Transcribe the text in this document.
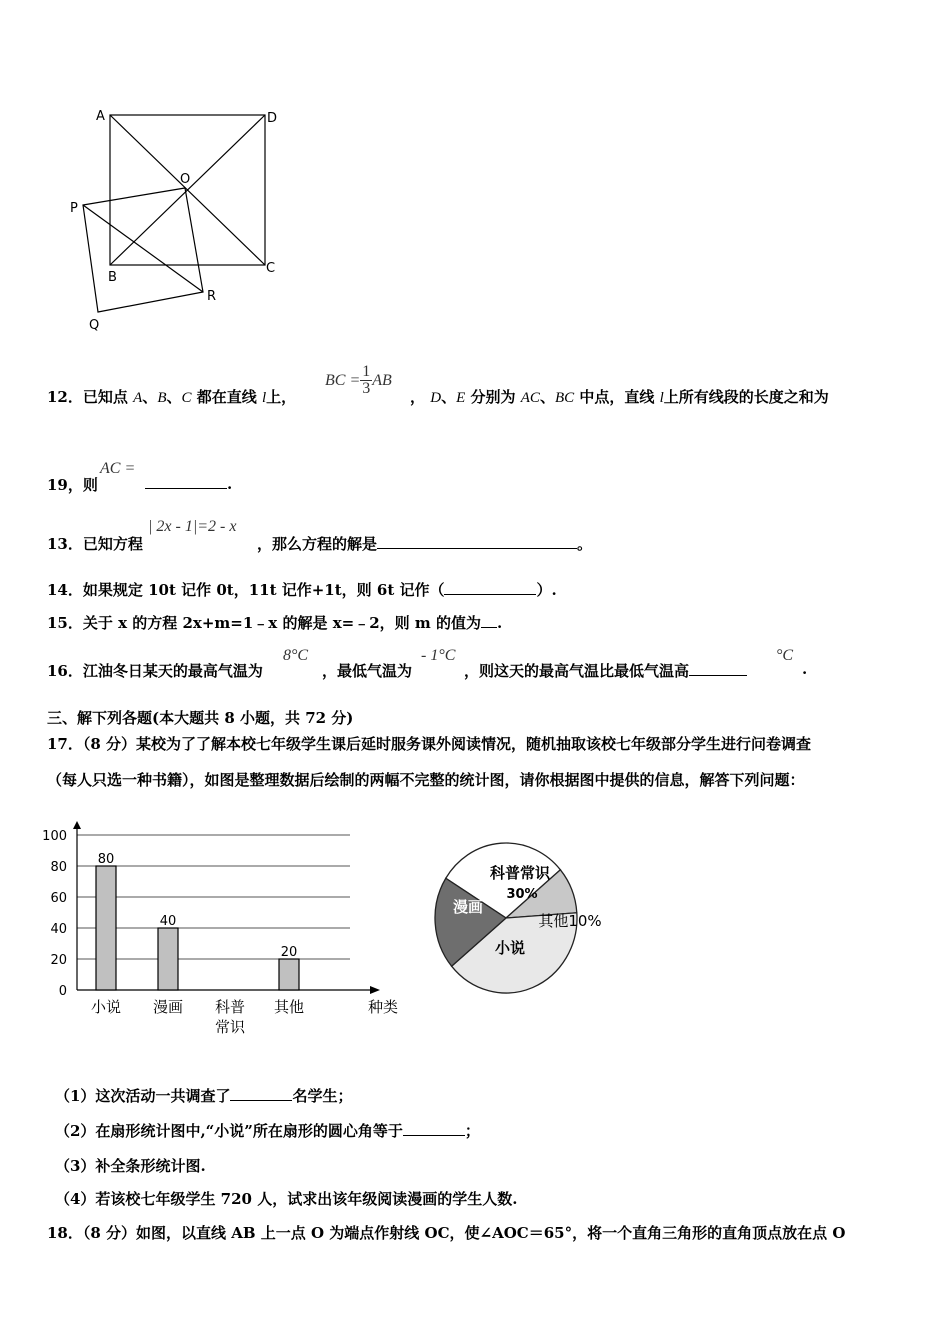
A	D
O
P
B
C
R
Q
12．已知点 A、B、C 都在直线 l上，
BC = $\frac{1}{3}$ AB
， D、E 分别为 AC、BC 中点，直线 l上所有线段的长度之和为
19，则
AC =
.
13．已知方程
| 2x - 1|=2 - x
，那么方程的解是	。
14．如果规定 10t 记作 0t，11t 记作+1t，则 6t 记作（	）.
15．关于 x 的方程 2x+m=1﹣x 的解是 x=﹣2，则 m 的值为 .
16．江油冬日某天的最高气温为
8°C
，最低气温为
- 1°C
，则这天的最高气温比最低气温高
°C
.
三、解下列各题(本大题共 8 小题，共 72 分)
17．（8 分）某校为了了解本校七年级学生课后延时服务课外阅读情况，随机抽取该校七年级部分学生进行问卷调查
（每人只选一种书籍），如图是整理数据后绘制的两幅不完整的统计图，请你根据图中提供的信息，解答下列问题：
0
20
40
60
80
100
80
小说
40
漫画 科普
常识
20
其他	种类
科普常识
30%
其他10%
小说
漫画
（1）这次活动一共调查了	名学生；
（2）在扇形统计图中,“小说”所在扇形的圆心角等于	；
（3）补全条形统计图.
（4）若该校七年级学生 720 人，试求出该年级阅读漫画的学生人数.
18．（8 分）如图，以直线 AB 上一点 O 为端点作射线 OC，使∠AOC＝65°，将一个直角三角形的直角顶点放在点 O
